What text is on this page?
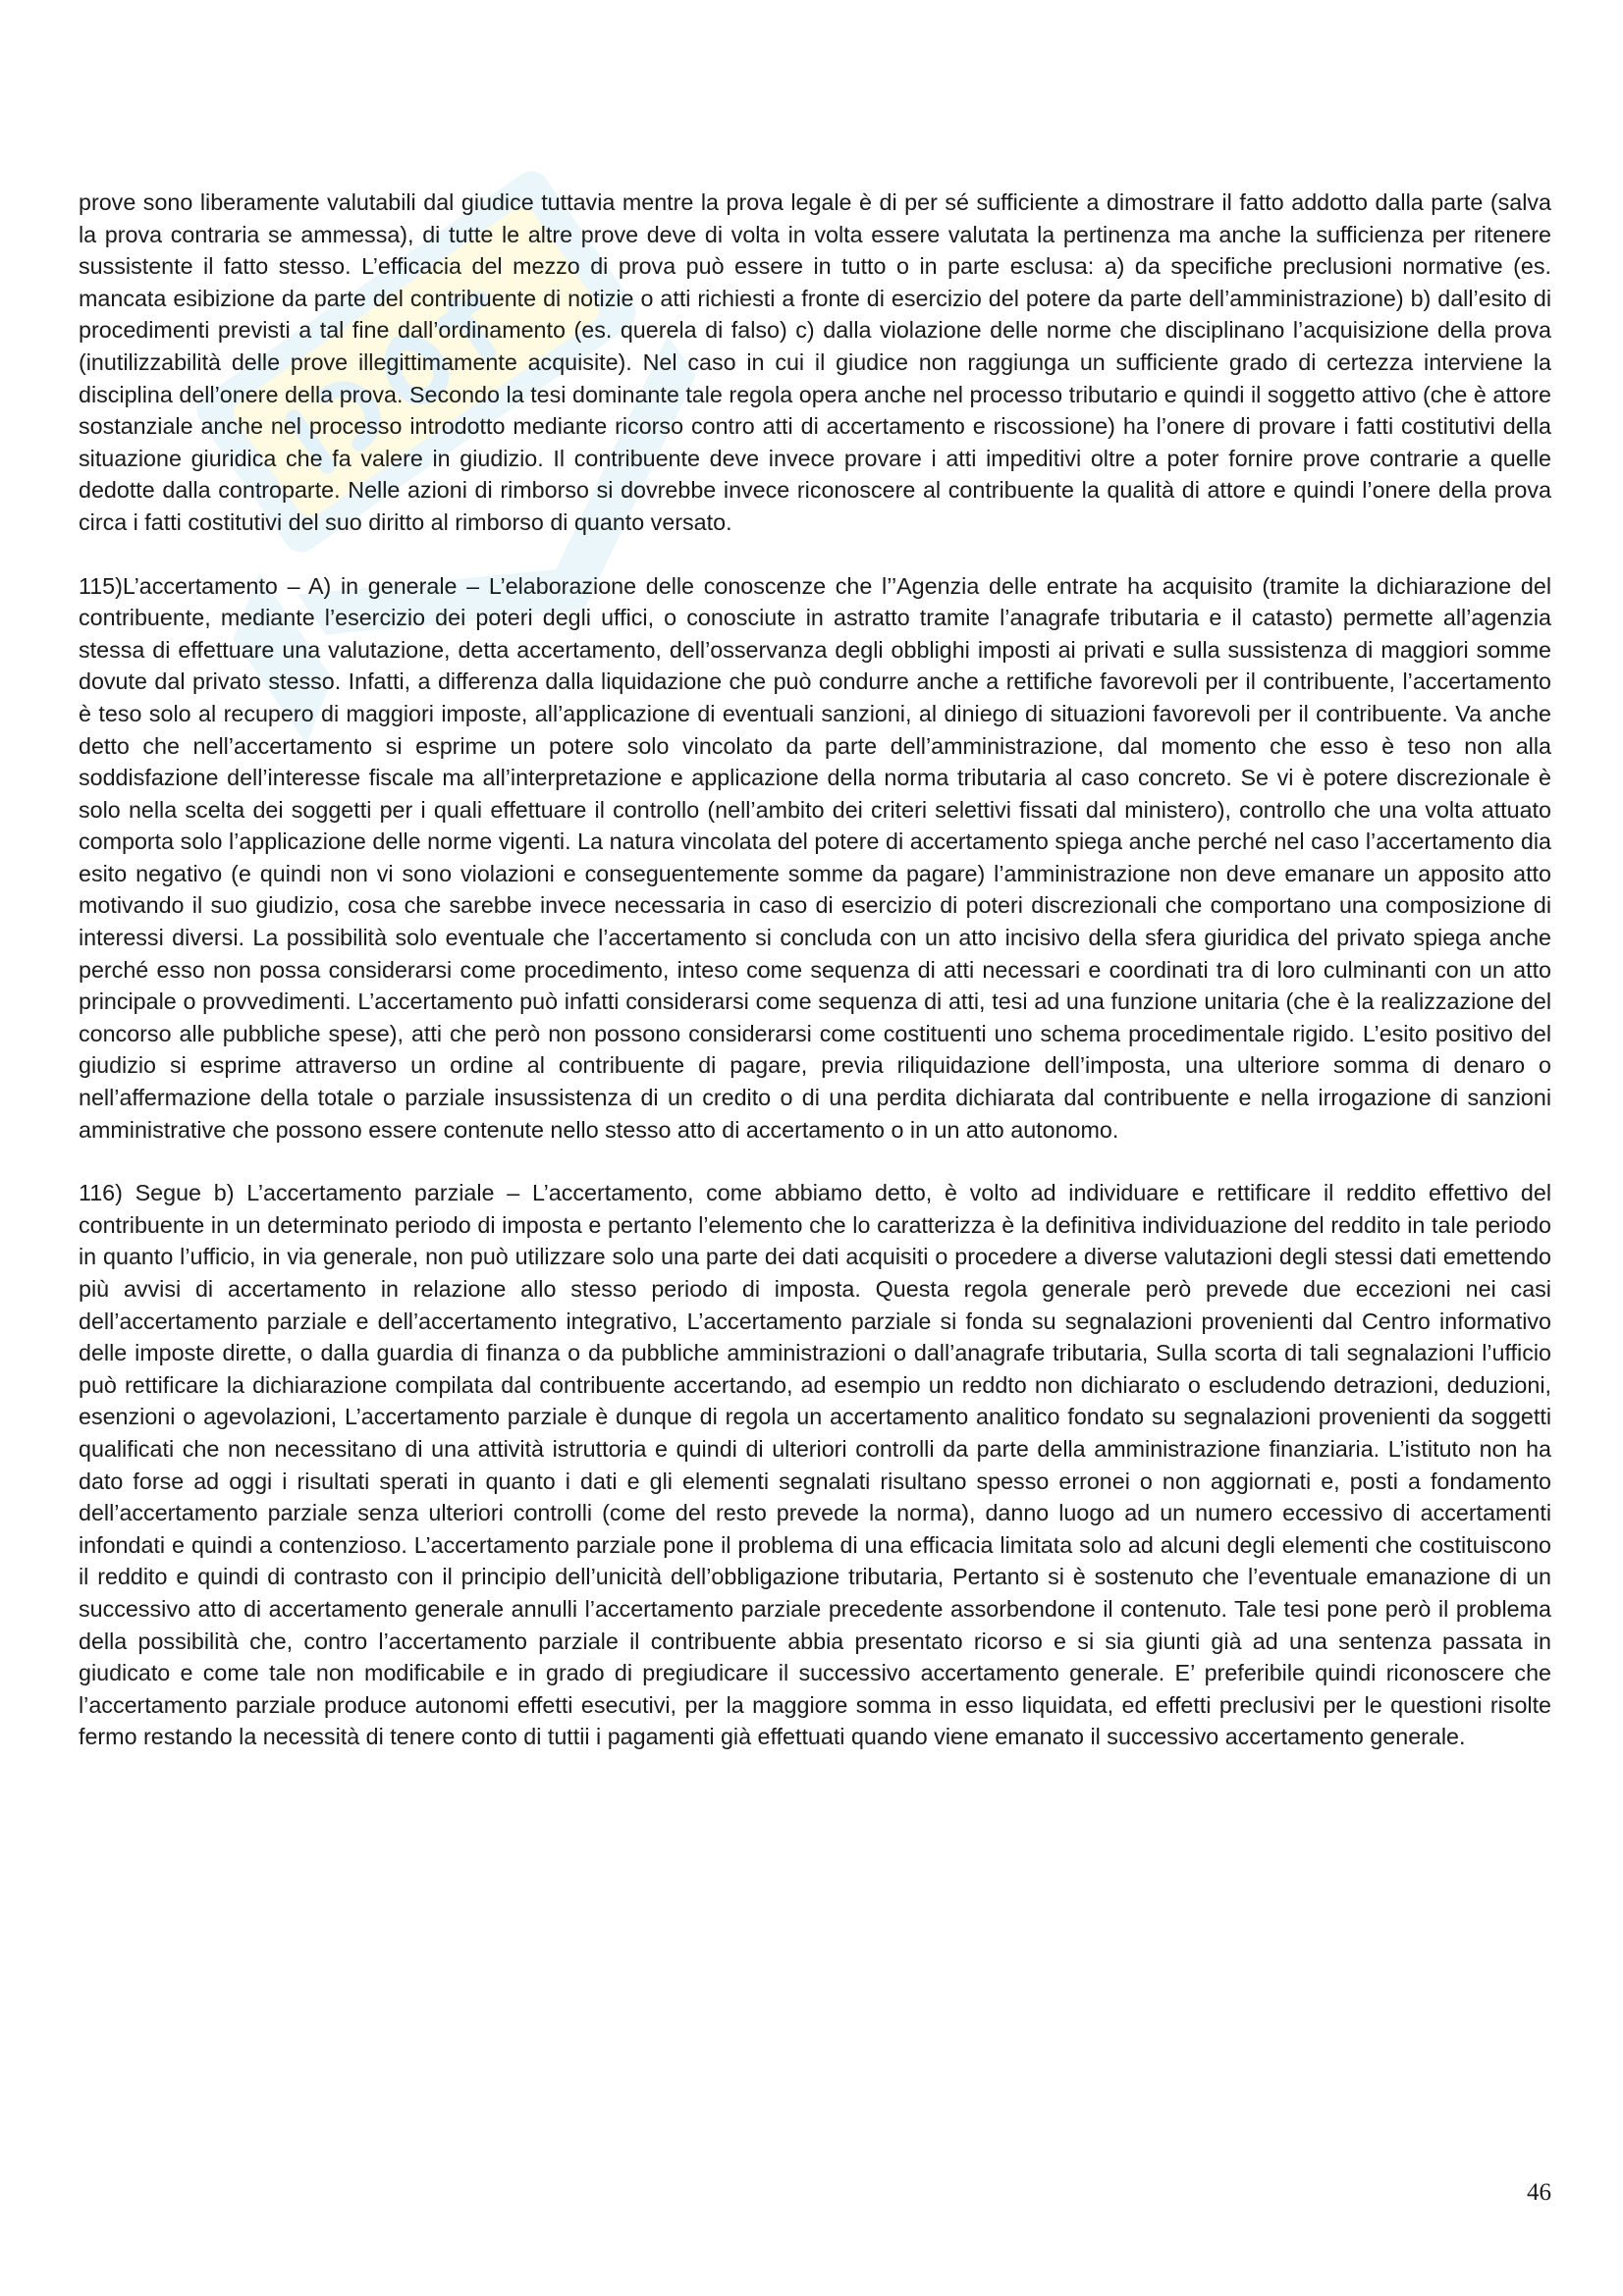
prove sono liberamente valutabili dal giudice tuttavia mentre la prova legale è di per sé sufficiente a dimostrare il fatto addotto dalla parte (salva la prova contraria se ammessa), di tutte le altre prove deve di volta in volta essere valutata la pertinenza ma anche la sufficienza per ritenere sussistente il fatto stesso. L’efficacia del mezzo di prova può essere in tutto o in parte esclusa: a) da specifiche preclusioni normative (es. mancata esibizione da parte del contribuente di notizie o atti richiesti a fronte di esercizio del potere da parte dell’amministrazione) b) dall’esito di procedimenti previsti a tal fine dall’ordinamento (es. querela di falso) c) dalla violazione delle norme che disciplinano l’acquisizione della prova (inutilizzabilità delle prove illegittimamente acquisite). Nel caso in cui il giudice non raggiunga un sufficiente grado di certezza interviene la disciplina dell’onere della prova. Secondo la tesi dominante tale regola opera anche nel processo tributario e quindi il soggetto attivo (che è attore sostanziale anche nel processo introdotto mediante ricorso contro atti di accertamento e riscossione) ha l’onere di provare i fatti costitutivi della situazione giuridica che fa valere in giudizio. Il contribuente deve invece provare i atti impeditivi oltre a poter fornire prove contrarie a quelle dedotte dalla controparte. Nelle azioni di rimborso si dovrebbe invece riconoscere al contribuente la qualità di attore e quindi l’onere della prova circa i fatti costitutivi del suo diritto al rimborso di quanto versato.

115)L’accertamento – A) in generale – L’elaborazione delle conoscenze che l’’Agenzia delle entrate ha acquisito (tramite la dichiarazione del contribuente, mediante l’esercizio dei poteri degli uffici, o conosciute in astratto tramite l’anagrafe tributaria e il catasto) permette all’agenzia stessa di effettuare una valutazione, detta accertamento, dell’osservanza degli obblighi imposti ai privati e sulla sussistenza di maggiori somme dovute dal privato stesso. Infatti, a differenza dalla liquidazione che può condurre anche a rettifiche favorevoli per il contribuente, l’accertamento è teso solo al recupero di maggiori imposte, all’applicazione di eventuali sanzioni, al diniego di situazioni favorevoli per il contribuente. Va anche detto che nell’accertamento si esprime un potere solo vincolato da parte dell’amministrazione, dal momento che esso è teso non alla soddisfazione dell’interesse fiscale ma all’interpretazione e applicazione della norma tributaria al caso concreto. Se vi è potere discrezionale è solo nella scelta dei soggetti per i quali effettuare il controllo (nell’ambito dei criteri selettivi fissati dal ministero), controllo che una volta attuato comporta solo l’applicazione delle norme vigenti. La natura vincolata del potere di accertamento spiega anche perché nel caso l’accertamento dia esito negativo (e quindi non vi sono violazioni e conseguentemente somme da pagare) l’amministrazione non deve emanare un apposito atto motivando il suo giudizio, cosa che sarebbe invece necessaria in caso di esercizio di poteri discrezionali che comportano una composizione di interessi diversi. La possibilità solo eventuale che l’accertamento si concluda con un atto incisivo della sfera giuridica del privato spiega anche perché esso non possa considerarsi come procedimento, inteso come sequenza di atti necessari e coordinati tra di loro culminanti con un atto principale o provvedimenti. L’accertamento può infatti considerarsi come sequenza di atti, tesi ad una funzione unitaria (che è la realizzazione del concorso alle pubbliche spese), atti che però non possono considerarsi come costituenti uno schema procedimentale rigido. L’esito positivo del giudizio si esprime attraverso un ordine al contribuente di pagare, previa riliquidazione dell’imposta, una ulteriore somma di denaro o nell’affermazione della totale o parziale insussistenza di un credito o di una perdita dichiarata dal contribuente e nella irrogazione di sanzioni amministrative che possono essere contenute nello stesso atto di accertamento o in un atto autonomo.

116) Segue b) L’accertamento parziale – L’accertamento, come abbiamo detto, è volto ad individuare e rettificare il reddito effettivo del contribuente in un determinato periodo di imposta e pertanto l’elemento che lo caratterizza è la definitiva individuazione del reddito in tale periodo in quanto l’ufficio, in via generale, non può utilizzare solo una parte dei dati acquisiti o procedere a diverse valutazioni degli stessi dati emettendo più avvisi di accertamento in relazione allo stesso periodo di imposta. Questa regola generale però prevede due eccezioni nei casi dell’accertamento parziale e dell’accertamento integrativo, L’accertamento parziale si fonda su segnalazioni provenienti dal Centro informativo delle imposte dirette, o dalla guardia di finanza o da pubbliche amministrazioni o dall’anagrafe tributaria, Sulla scorta di tali segnalazioni l’ufficio può rettificare la dichiarazione compilata dal contribuente accertando, ad esempio un reddto non dichiarato o escludendo detrazioni, deduzioni, esenzioni o agevolazioni, L’accertamento parziale è dunque di regola un accertamento analitico fondato su segnalazioni provenienti da soggetti qualificati che non necessitano di una attività istruttoria e quindi di ulteriori controlli da parte della amministrazione finanziaria. L’istituto non ha dato forse ad oggi i risultati sperati in quanto i dati e gli elementi segnalati risultano spesso erronei o non aggiornati e, posti a fondamento dell’accertamento parziale senza ulteriori controlli (come del resto prevede la norma), danno luogo ad un numero eccessivo di accertamenti infondati e quindi a contenzioso. L’accertamento parziale pone il problema di una efficacia limitata solo ad alcuni degli elementi che costituiscono il reddito e quindi di contrasto con il principio dell’unicità dell’obbligazione tributaria, Pertanto si è sostenuto che l’eventuale emanazione di un successivo atto di accertamento generale annulli l’accertamento parziale precedente assorbendone il contenuto. Tale tesi pone però il problema della possibilità che, contro l’accertamento parziale il contribuente abbia presentato ricorso e si sia giunti già ad una sentenza passata in giudicato e come tale non modificabile e in grado di pregiudicare il successivo accertamento generale. E’ preferibile quindi riconoscere che l’accertamento parziale produce autonomi effetti esecutivi, per la maggiore somma in esso liquidata, ed effetti preclusivi per le questioni risolte fermo restando la necessità di tenere conto di tuttii i pagamenti già effettuati quando viene emanato il successivo accertamento generale.

46
